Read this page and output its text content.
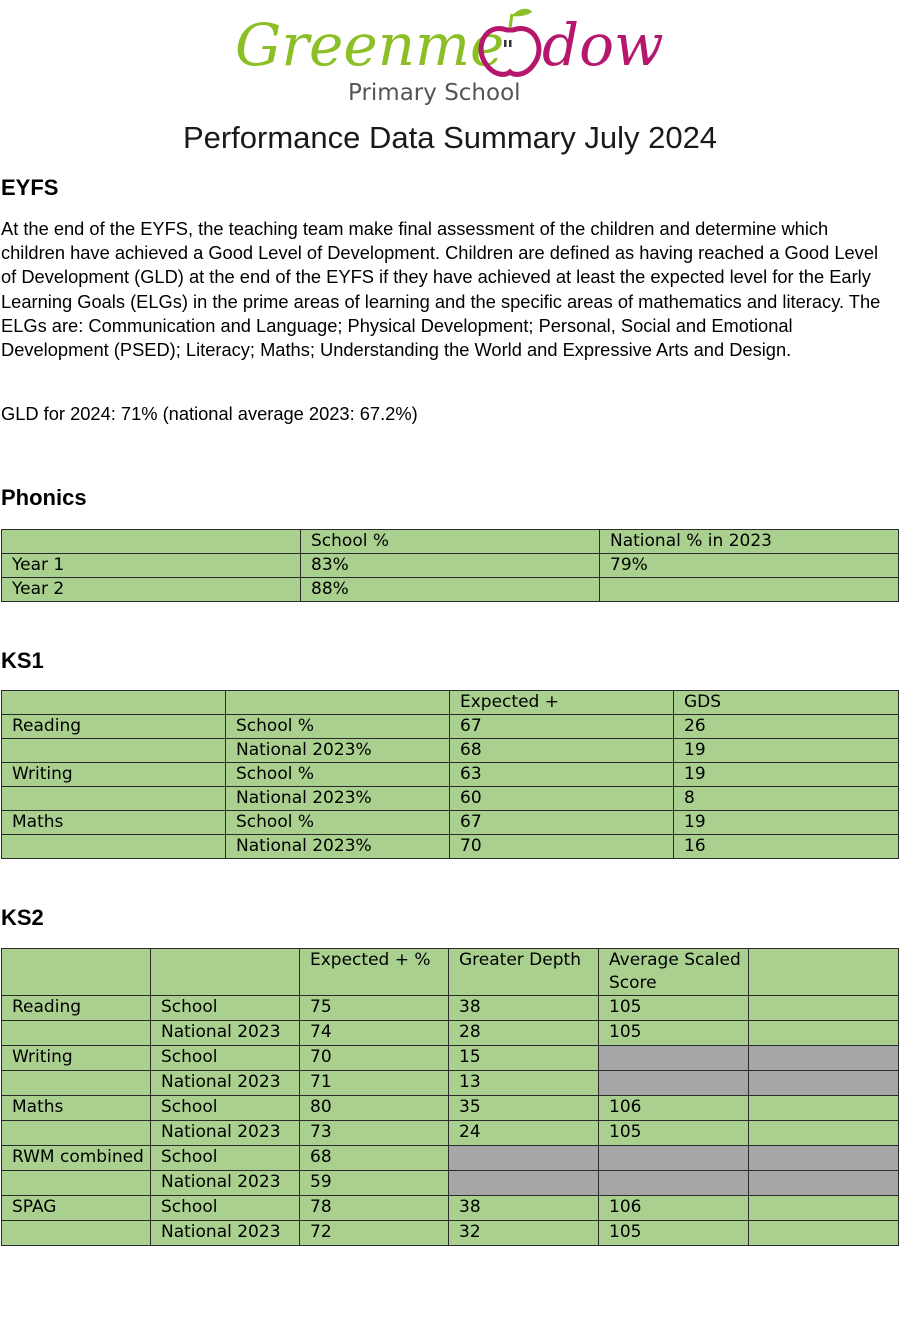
Greenme dow
Primary School
Performance Data Summary July 2024
EYFS

At the end of the EYFS, the teaching team make final assessment of the children and determine which children have achieved a Good Level of Development. Children are defined as having reached a Good Level of Development (GLD) at the end of the EYFS if they have achieved at least the expected level for the Early Learning Goals (ELGs) in the prime areas of learning and the specific areas of mathematics and literacy. The ELGs are: Communication and Language; Physical Development; Personal, Social and Emotional Development (PSED); Literacy; Maths; Understanding the World and Expressive Arts and Design.

GLD for 2024: 71% (national average 2023: 67.2%)

Phonics
	School %	National % in 2023
Year 1	83%	79%
Year 2	88%	
KS1
		Expected +	GDS
Reading	School %	67	26
	National 2023%	68	19
Writing	School %	63	19
	National 2023%	60	8
Maths	School %	67	19
	National 2023%	70	16
KS2
		Expected + %	Greater Depth	Average Scaled Score	
Reading	School	75	38	105	
	National 2023	74	28	105	
Writing	School	70	15		
	National 2023	71	13		
Maths	School	80	35	106	
	National 2023	73	24	105	
RWM combined	School	68			
	National 2023	59			
SPAG	School	78	38	106	
	National 2023	72	32	105	
